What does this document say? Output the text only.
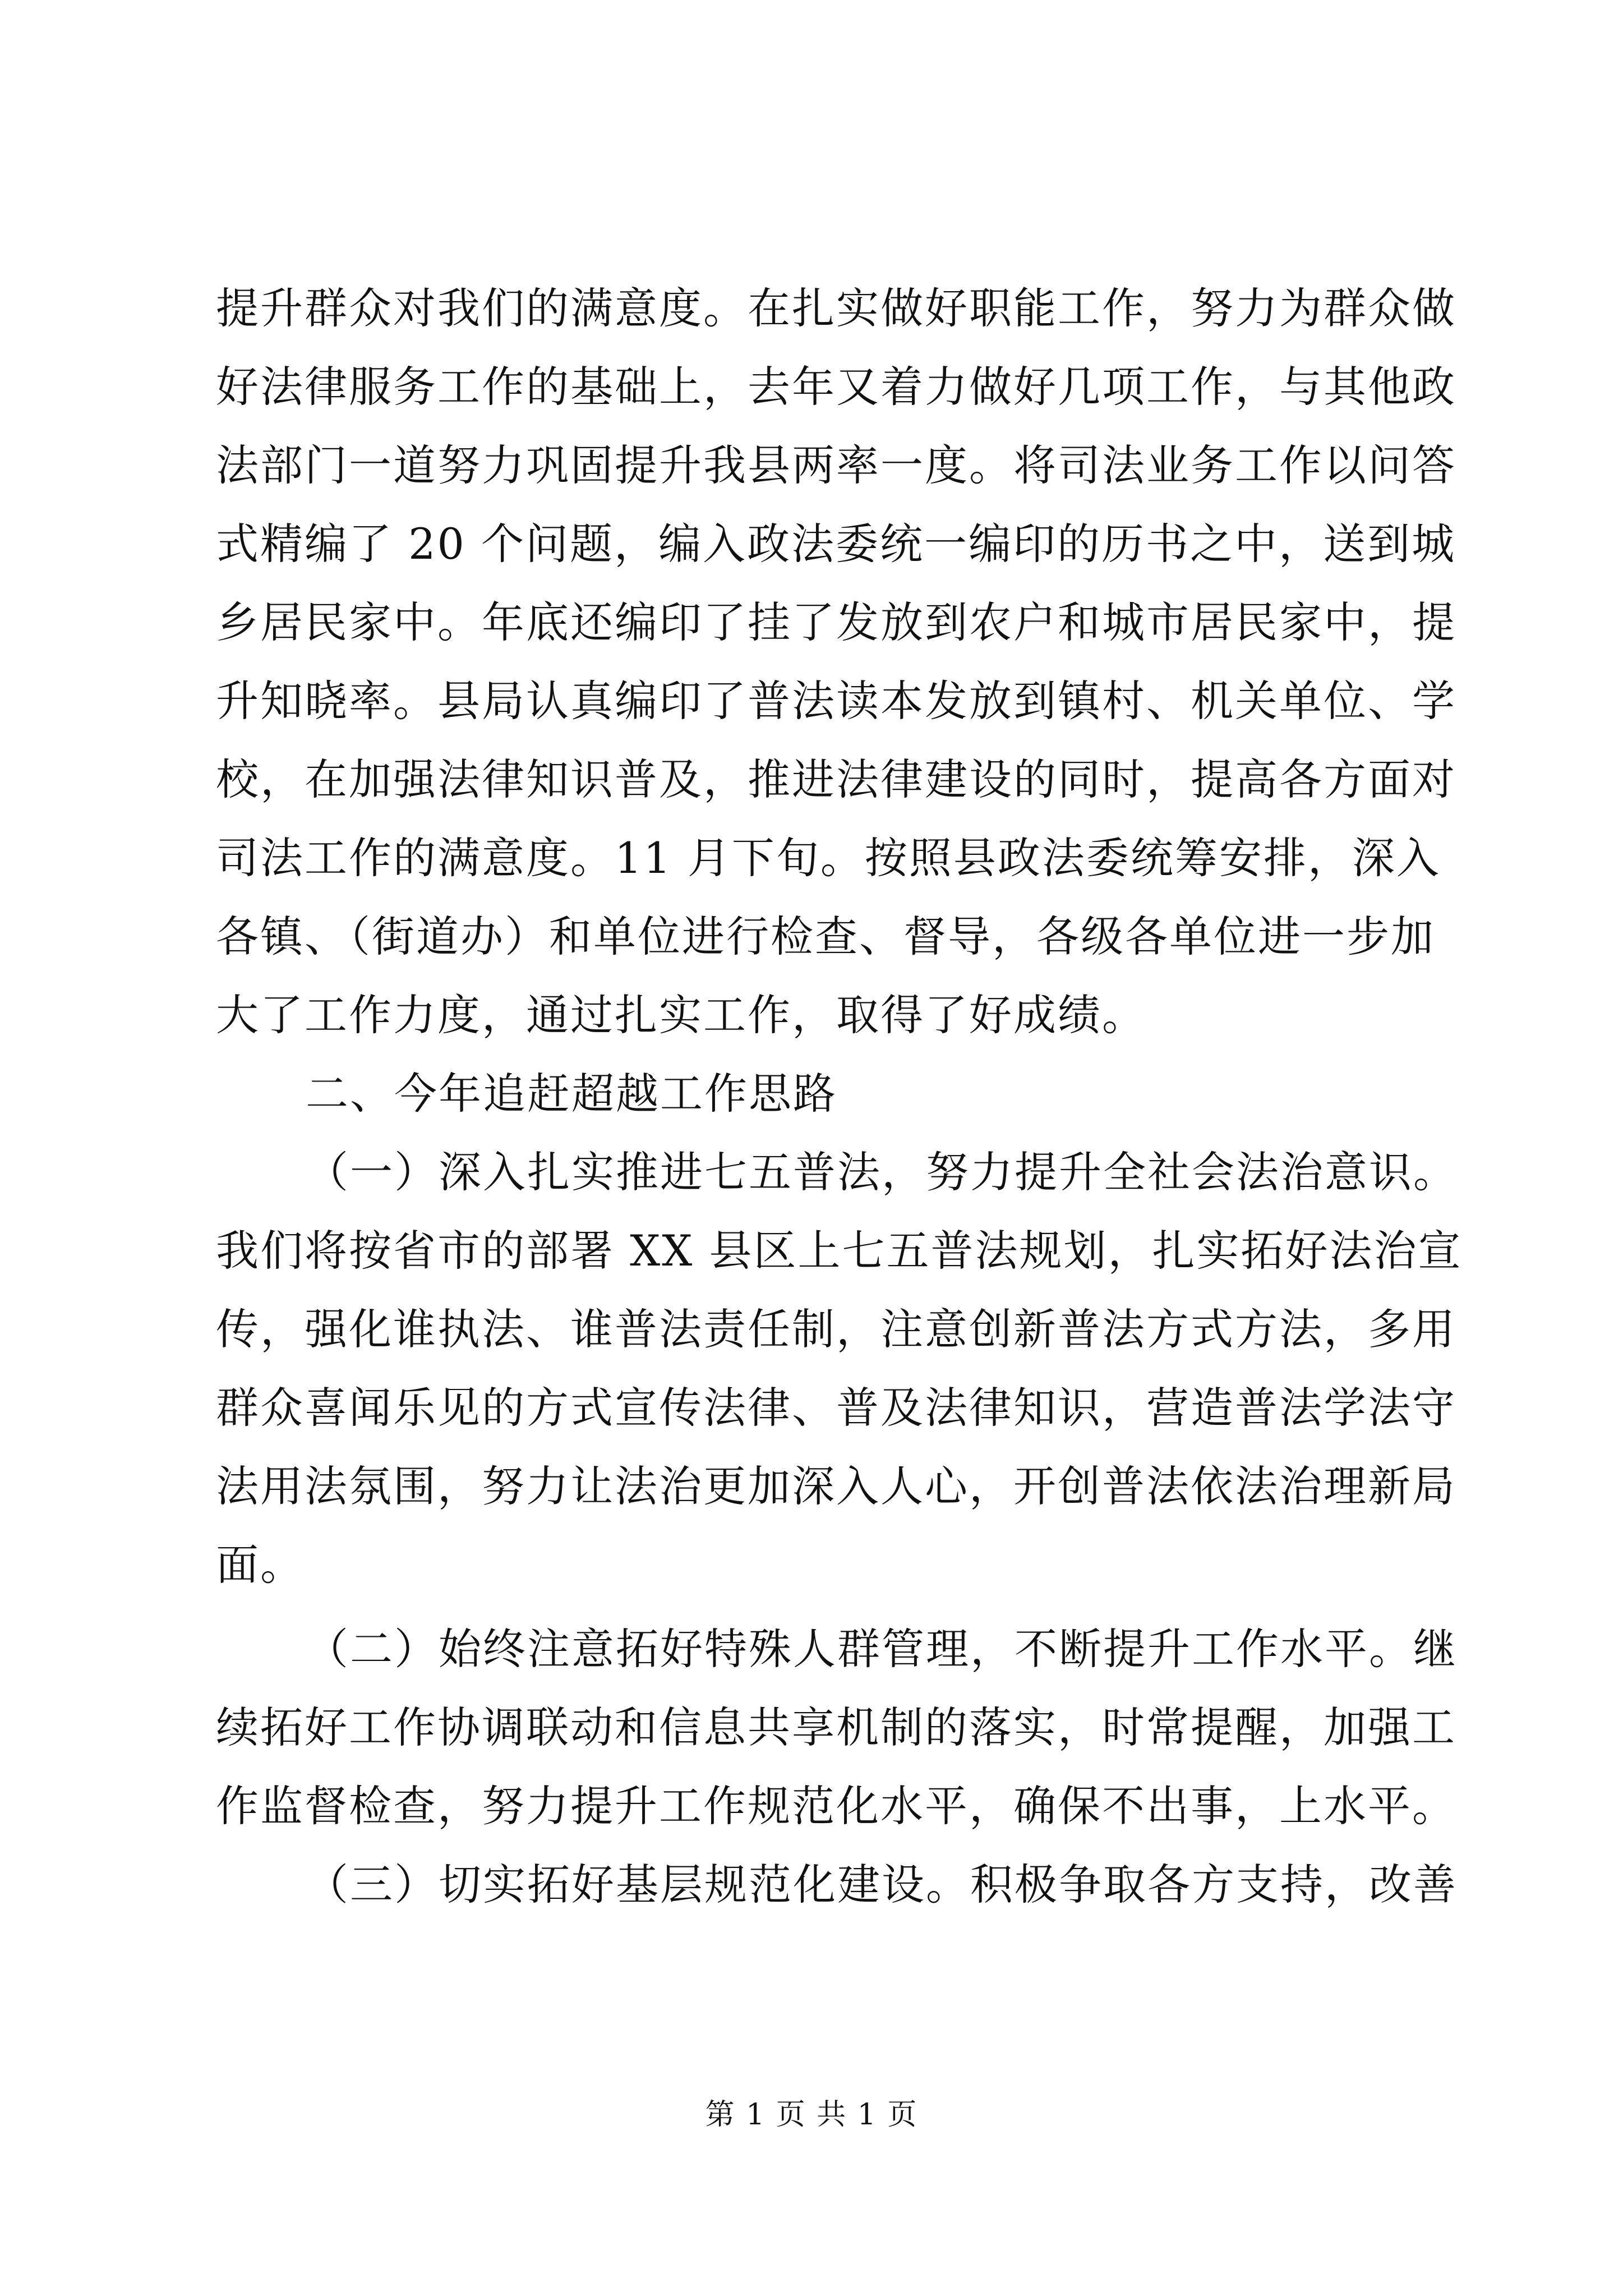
提升群众对我们的满意度。在扎实做好职能工作，努力为群众做
好法律服务工作的基础上，去年又着力做好几项工作，与其他政
法部门一道努力巩固提升我县两率一度。将司法业务工作以问答
式精编了 20 个问题，编入政法委统一编印的历书之中，送到城
乡居民家中。年底还编印了挂了发放到农户和城市居民家中，提
升知晓率。县局认真编印了普法读本发放到镇村、机关单位、学
校，在加强法律知识普及，推进法律建设的同时，提高各方面对
司法工作的满意度。11 月下旬。按照县政法委统筹安排，深入
各镇、（街道办）和单位进行检查、督导，各级各单位进一步加
大了工作力度，通过扎实工作，取得了好成绩。
二、今年追赶超越工作思路
（一）深入扎实推进七五普法，努力提升全社会法治意识。
我们将按省市的部署 XX 县区上七五普法规划，扎实拓好法治宣
传，强化谁执法、谁普法责任制，注意创新普法方式方法，多用
群众喜闻乐见的方式宣传法律、普及法律知识，营造普法学法守
法用法氛围，努力让法治更加深入人心，开创普法依法治理新局
面。
（二）始终注意拓好特殊人群管理，不断提升工作水平。继
续拓好工作协调联动和信息共享机制的落实，时常提醒，加强工
作监督检查，努力提升工作规范化水平，确保不出事，上水平。
（三）切实拓好基层规范化建设。积极争取各方支持，改善
第 1 页 共 1 页
